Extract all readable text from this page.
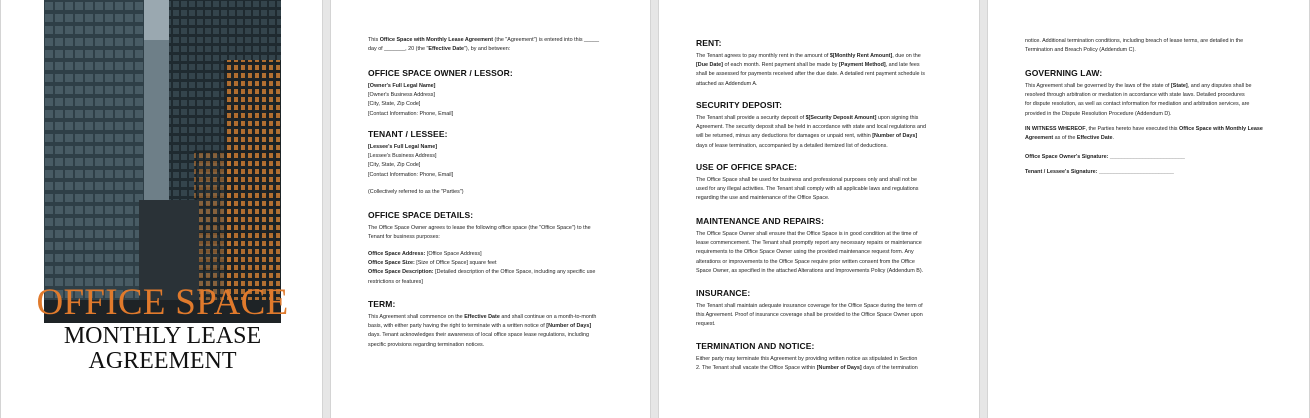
OFFICE SPACE
MONTHLY LEASE
AGREEMENT
This Office Space with Monthly Lease Agreement (the "Agreement") is entered into this _____
day of _______, 20 (the "Effective Date"), by and between:
OFFICE SPACE OWNER / LESSOR:
[Owner's Full Legal Name]
[Owner's Business Address]
[City, State, Zip Code]
[Contact Information: Phone, Email]
TENANT / LESSEE:
[Lessee's Full Legal Name]
[Lessee's Business Address]
[City, State, Zip Code]
[Contact Information: Phone, Email]
(Collectively referred to as the "Parties")
OFFICE SPACE DETAILS:
The Office Space Owner agrees to lease the following office space (the "Office Space") to the
Tenant for business purposes:
Office Space Address: [Office Space Address]
Office Space Size: [Size of Office Space] square feet
Office Space Description: [Detailed description of the Office Space, including any specific use
restrictions or features]
TERM:
This Agreement shall commence on the Effective Date and shall continue on a month-to-month
basis, with either party having the right to terminate with a written notice of [Number of Days]
days. Tenant acknowledges their awareness of local office space lease regulations, including
specific provisions regarding termination notices.
RENT:
The Tenant agrees to pay monthly rent in the amount of $[Monthly Rent Amount], due on the
[Due Date] of each month. Rent payment shall be made by [Payment Method], and late fees
shall be assessed for payments received after the due date. A detailed rent payment schedule is
attached as Addendum A.
SECURITY DEPOSIT:
The Tenant shall provide a security deposit of $[Security Deposit Amount] upon signing this
Agreement. The security deposit shall be held in accordance with state and local regulations and
will be returned, minus any deductions for damages or unpaid rent, within [Number of Days]
days of lease termination, accompanied by a detailed itemized list of deductions.
USE OF OFFICE SPACE:
The Office Space shall be used for business and professional purposes only and shall not be
used for any illegal activities. The Tenant shall comply with all applicable laws and regulations
regarding the use and maintenance of the Office Space.
MAINTENANCE AND REPAIRS:
The Office Space Owner shall ensure that the Office Space is in good condition at the time of
lease commencement. The Tenant shall promptly report any necessary repairs or maintenance
requirements to the Office Space Owner using the provided maintenance request form. Any
alterations or improvements to the Office Space require prior written consent from the Office
Space Owner, as specified in the attached Alterations and Improvements Policy (Addendum B).
INSURANCE:
The Tenant shall maintain adequate insurance coverage for the Office Space during the term of
this Agreement. Proof of insurance coverage shall be provided to the Office Space Owner upon
request.
TERMINATION AND NOTICE:
Either party may terminate this Agreement by providing written notice as stipulated in Section
2. The Tenant shall vacate the Office Space within [Number of Days] days of the termination
notice. Additional termination conditions, including breach of lease terms, are detailed in the
Termination and Breach Policy (Addendum C).
GOVERNING LAW:
This Agreement shall be governed by the laws of the state of [State], and any disputes shall be
resolved through arbitration or mediation in accordance with state laws. Detailed procedures
for dispute resolution, as well as contact information for mediation and arbitration services, are
provided in the Dispute Resolution Procedure (Addendum D).
IN WITNESS WHEREOF, the Parties hereto have executed this Office Space with Monthly Lease
Agreement as of the Effective Date.
Office Space Owner's Signature: _________________________
Tenant / Lessee's Signature: _________________________
